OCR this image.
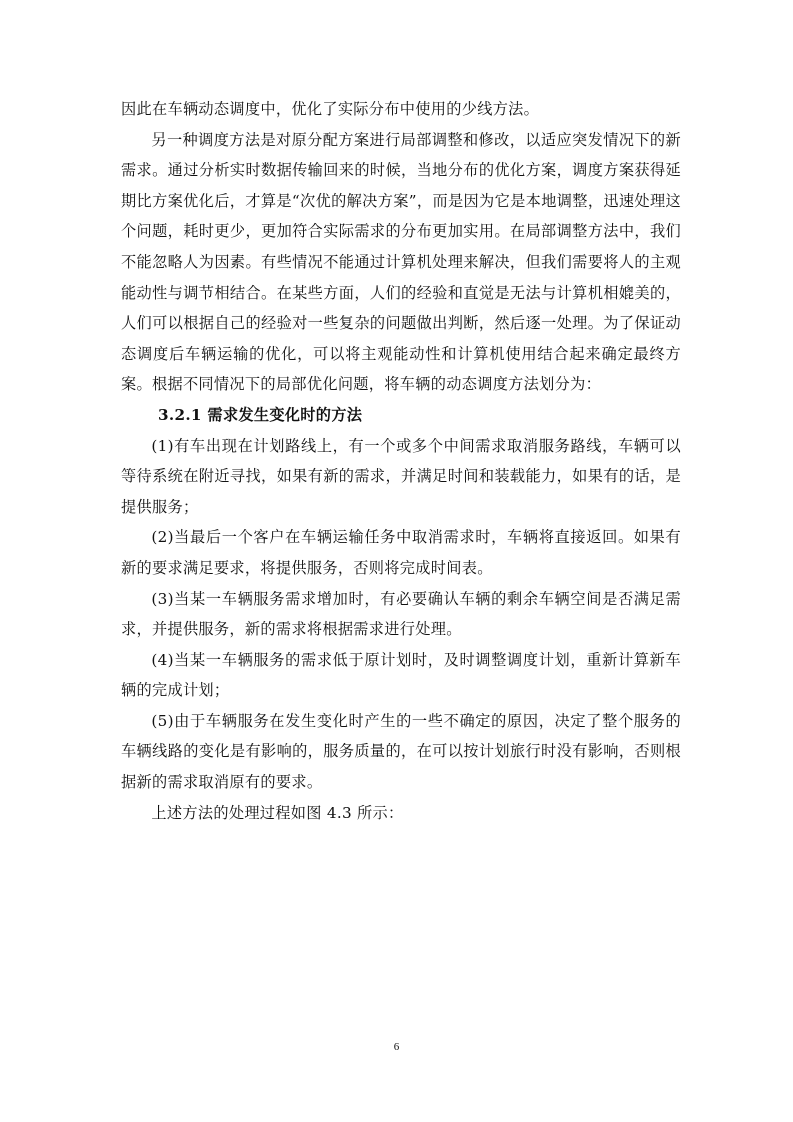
因此在车辆动态调度中，优化了实际分布中使用的少线方法。

另一种调度方法是对原分配方案进行局部调整和修改，以适应突发情况下的新需求。通过分析实时数据传输回来的时候，当地分布的优化方案，调度方案获得延期比方案优化后，才算是“次优的解决方案”，而是因为它是本地调整，迅速处理这个问题，耗时更少，更加符合实际需求的分布更加实用。在局部调整方法中，我们不能忽略人为因素。有些情况不能通过计算机处理来解决，但我们需要将人的主观能动性与调节相结合。在某些方面，人们的经验和直觉是无法与计算机相媲美的，人们可以根据自己的经验对一些复杂的问题做出判断，然后逐一处理。为了保证动态调度后车辆运输的优化，可以将主观能动性和计算机使用结合起来确定最终方案。根据不同情况下的局部优化问题，将车辆的动态调度方法划分为：

3.2.1 需求发生变化时的方法

(1)有车出现在计划路线上，有一个或多个中间需求取消服务路线，车辆可以等待系统在附近寻找，如果有新的需求，并满足时间和装载能力，如果有的话，是提供服务；

(2)当最后一个客户在车辆运输任务中取消需求时，车辆将直接返回。如果有新的要求满足要求，将提供服务，否则将完成时间表。

(3)当某一车辆服务需求增加时，有必要确认车辆的剩余车辆空间是否满足需求，并提供服务，新的需求将根据需求进行处理。

(4)当某一车辆服务的需求低于原计划时，及时调整调度计划，重新计算新车辆的完成计划；

(5)由于车辆服务在发生变化时产生的一些不确定的原因，决定了整个服务的车辆线路的变化是有影响的，服务质量的，在可以按计划旅行时没有影响，否则根据新的需求取消原有的要求。

上述方法的处理过程如图 4.3 所示：

6
